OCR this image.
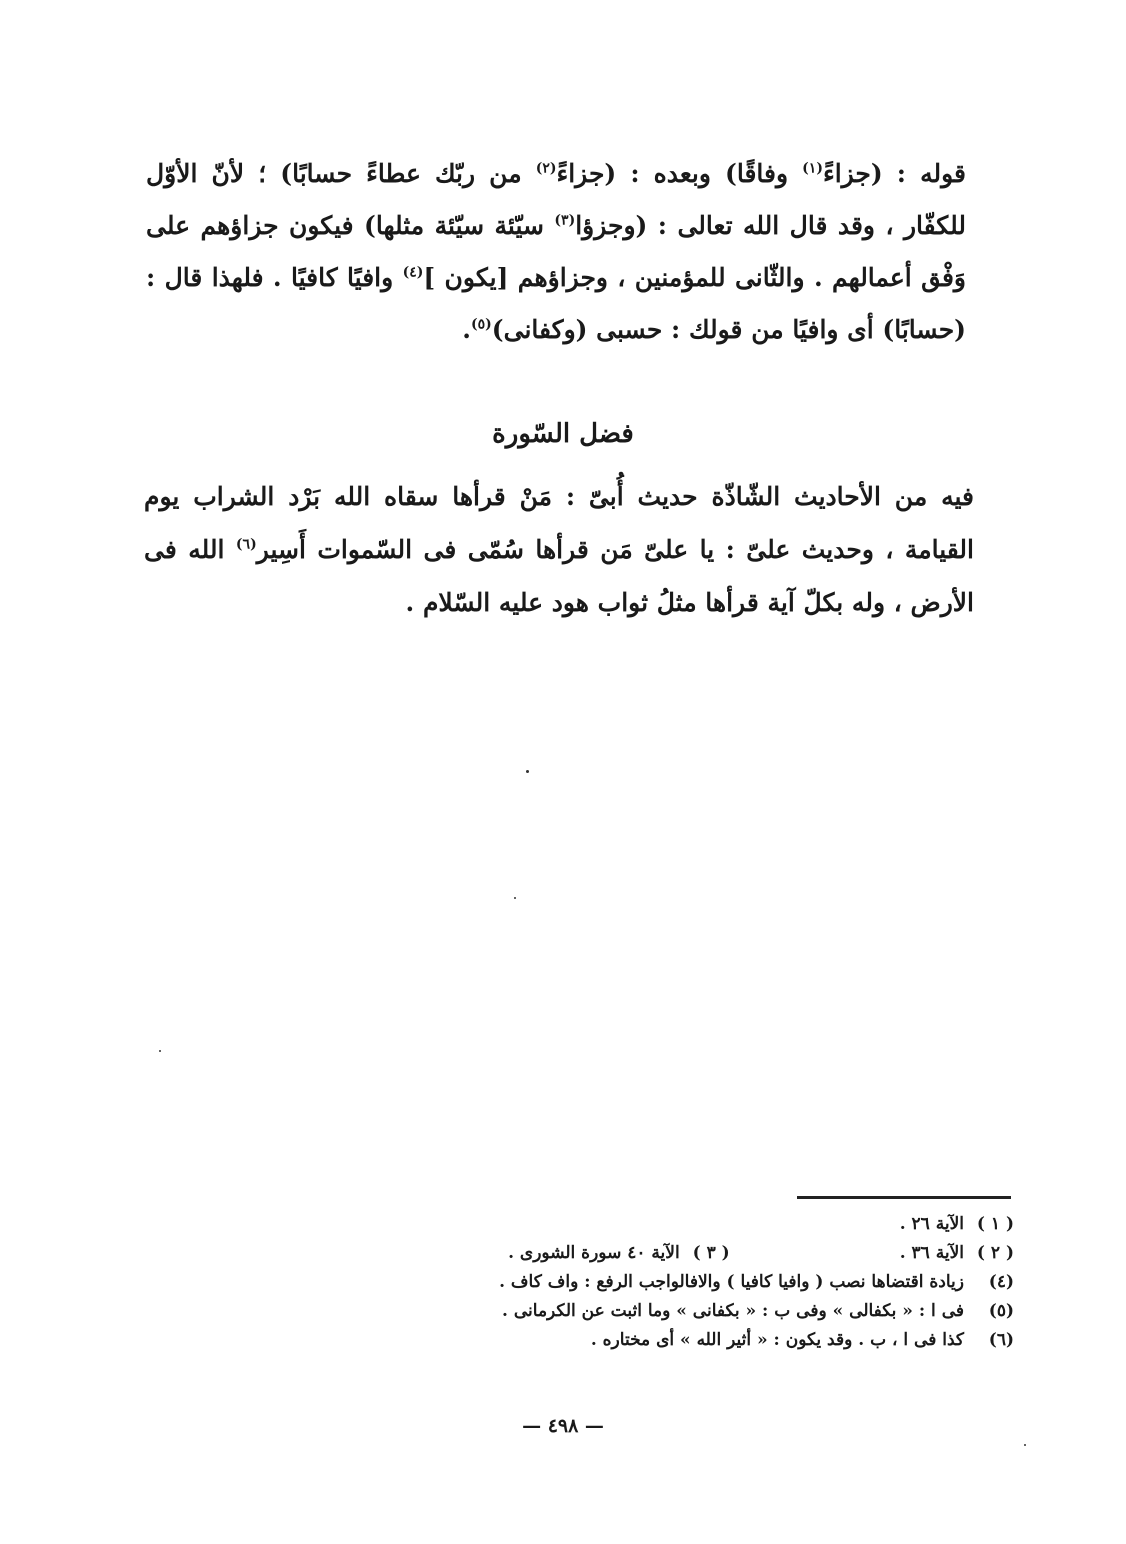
قوله : (جزاءً$^{(١)}$ وفاقًا) وبعده : (جزاءً$^{(٢)}$ من ربّك عطاءً حسابًا) ؛ لأنّ الأوّل للكفّار ، وقد قال الله تعالى : (وجزؤا$^{(٣)}$ سيّئة سيّئة مثلها) فيكون جزاؤهم على وَفْق أعمالهم . والثّانى للمؤمنين ، وجزاؤهم [يكون ]$^{(٤)}$ وافيًا كافيًا . فلهذا قال : (حسابًا) أى وافيًا من قولك : حسبى (وكفانى)$^{(٥)}$.

فضل السّورة

فيه من الأحاديث الشّاذّة حديث أُبىّ : مَنْ قرأها سقاه الله بَرْد الشراب يوم القيامة ، وحديث علىّ : يا علىّ مَن قرأها سُمّى فى السّموات أَسِير$^{(٦)}$ الله فى الأرض ، وله بكلّ آية قرأها مثلُ ثواب هود عليه السّلام .

( ١ )
الآية ٢٦ .
( ٢ )
الآية ٣٦ .
( ٣ )
الآية ٤٠ سورة الشورى .
(٤)
زيادة اقتضاها نصب ( وافيا كافيا ) والافالواجب الرفع : واف كاف .
(٥)
فى ا : « بكفالى » وفى ب : « بكفانى » وما اثبت عن الكرمانى .
(٦)
كذا فى ا ، ب . وقد يكون : « أثير الله » أى مختاره .
— ٤٩٨ —
